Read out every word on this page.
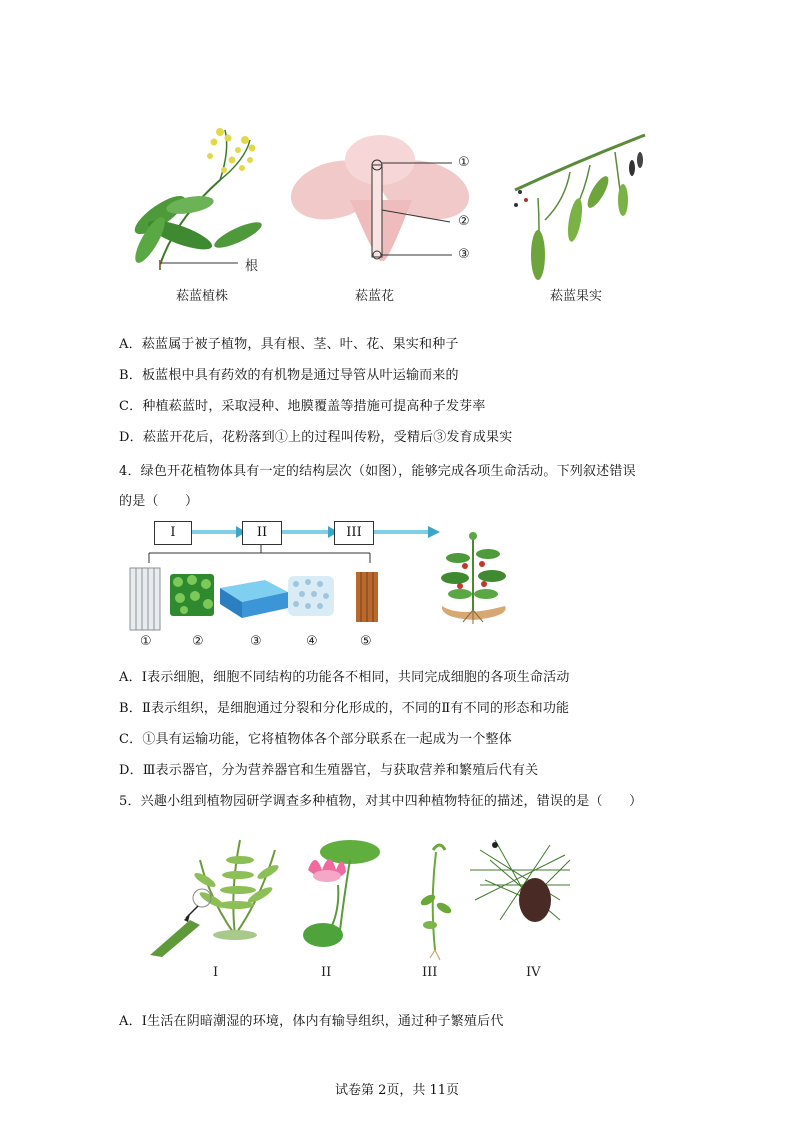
根
①
②
③
菘蓝植株	菘蓝花	菘蓝果实
A．菘蓝属于被子植物，具有根、茎、叶、花、果实和种子
B．板蓝根中具有药效的有机物是通过导管从叶运输而来的
C．种植菘蓝时，采取浸种、地膜覆盖等措施可提高种子发芽率
D．菘蓝开花后，花粉落到①上的过程叫传粉，受精后③发育成果实
4．绿色开花植物体具有一定的结构层次（如图），能够完成各项生命活动。下列叙述错误
的是（　　）
I	II	III
①	②	③	④	⑤
A．Ⅰ表示细胞，细胞不同结构的功能各不相同，共同完成细胞的各项生命活动
B．Ⅱ表示组织，是细胞通过分裂和分化形成的，不同的Ⅱ有不同的形态和功能
C．①具有运输功能，它将植物体各个部分联系在一起成为一个整体
D．Ⅲ表示器官，分为营养器官和生殖器官，与获取营养和繁殖后代有关
5．兴趣小组到植物园研学调查多种植物，对其中四种植物特征的描述，错误的是（　　）
I	II	III	IV
A．Ⅰ生活在阴暗潮湿的环境，体内有输导组织，通过种子繁殖后代
试卷第 2页，共 11页
